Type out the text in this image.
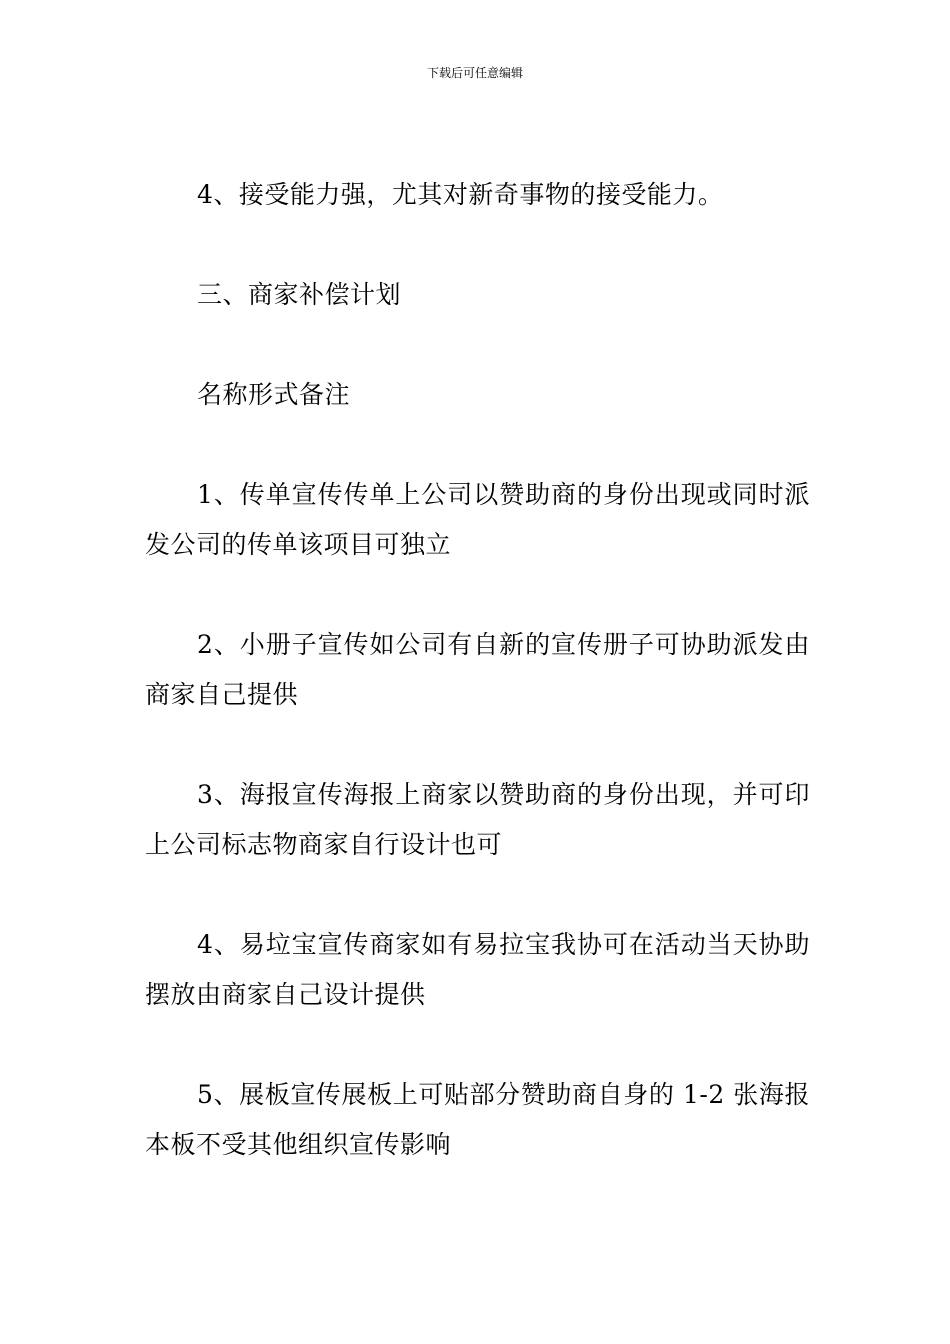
下载后可任意编辑

4、接受能力强，尤其对新奇事物的接受能力。

三、商家补偿计划

名称形式备注

1、传单宣传传单上公司以赞助商的身份出现或同时派发公司的传单该项目可独立

2、小册子宣传如公司有自新的宣传册子可协助派发由商家自己提供

3、海报宣传海报上商家以赞助商的身份出现，并可印上公司标志物商家自行设计也可

4、易垃宝宣传商家如有易拉宝我协可在活动当天协助摆放由商家自己设计提供

5、展板宣传展板上可贴部分赞助商自身的 1-2 张海报本板不受其他组织宣传影响
